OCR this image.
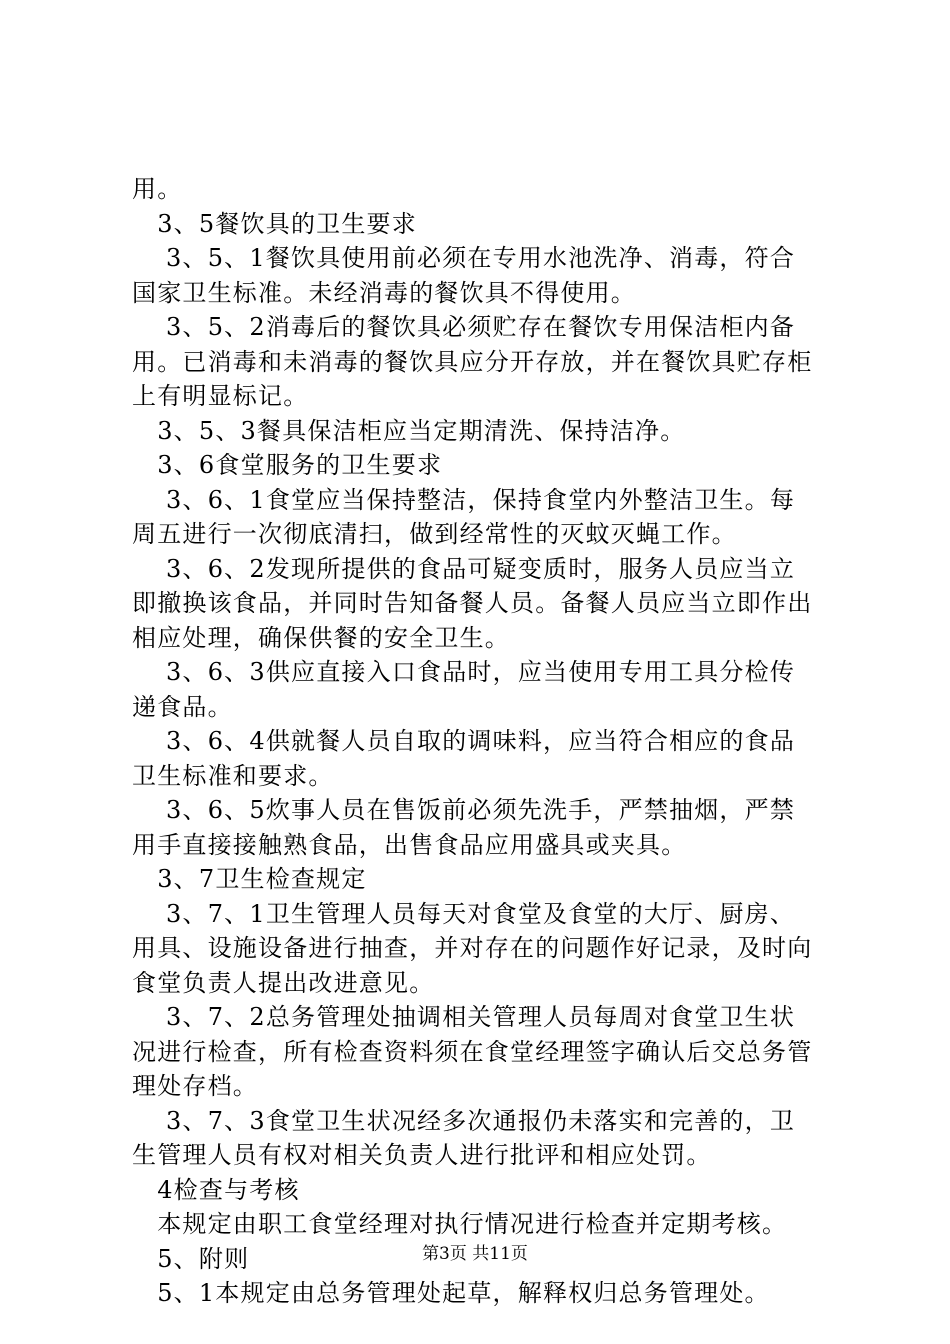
用。
　3、5餐饮具的卫生要求
　 3、5、1餐饮具使用前必须在专用水池洗净、消毒，符合
国家卫生标准。未经消毒的餐饮具不得使用。
　 3、5、2消毒后的餐饮具必须贮存在餐饮专用保洁柜内备
用。已消毒和未消毒的餐饮具应分开存放，并在餐饮具贮存柜
上有明显标记。
　3、5、3餐具保洁柜应当定期清洗、保持洁净。
　3、6食堂服务的卫生要求
　 3、6、1食堂应当保持整洁，保持食堂内外整洁卫生。每
周五进行一次彻底清扫，做到经常性的灭蚊灭蝇工作。
　 3、6、2发现所提供的食品可疑变质时，服务人员应当立
即撤换该食品，并同时告知备餐人员。备餐人员应当立即作出
相应处理，确保供餐的安全卫生。
　 3、6、3供应直接入口食品时，应当使用专用工具分检传
递食品。
　 3、6、4供就餐人员自取的调味料，应当符合相应的食品
卫生标准和要求。
　 3、6、5炊事人员在售饭前必须先洗手，严禁抽烟，严禁
用手直接接触熟食品，出售食品应用盛具或夹具。
　3、7卫生检查规定
　 3、7、1卫生管理人员每天对食堂及食堂的大厅、厨房、
用具、设施设备进行抽查，并对存在的问题作好记录，及时向
食堂负责人提出改进意见。
　 3、7、2总务管理处抽调相关管理人员每周对食堂卫生状
况进行检查，所有检查资料须在食堂经理签字确认后交总务管
理处存档。
　 3、7、3食堂卫生状况经多次通报仍未落实和完善的，卫
生管理人员有权对相关负责人进行批评和相应处罚。
　4检查与考核
　本规定由职工食堂经理对执行情况进行检查并定期考核。
　5、附则
　5、1本规定由总务管理处起草，解释权归总务管理处。
第3页 共11页
